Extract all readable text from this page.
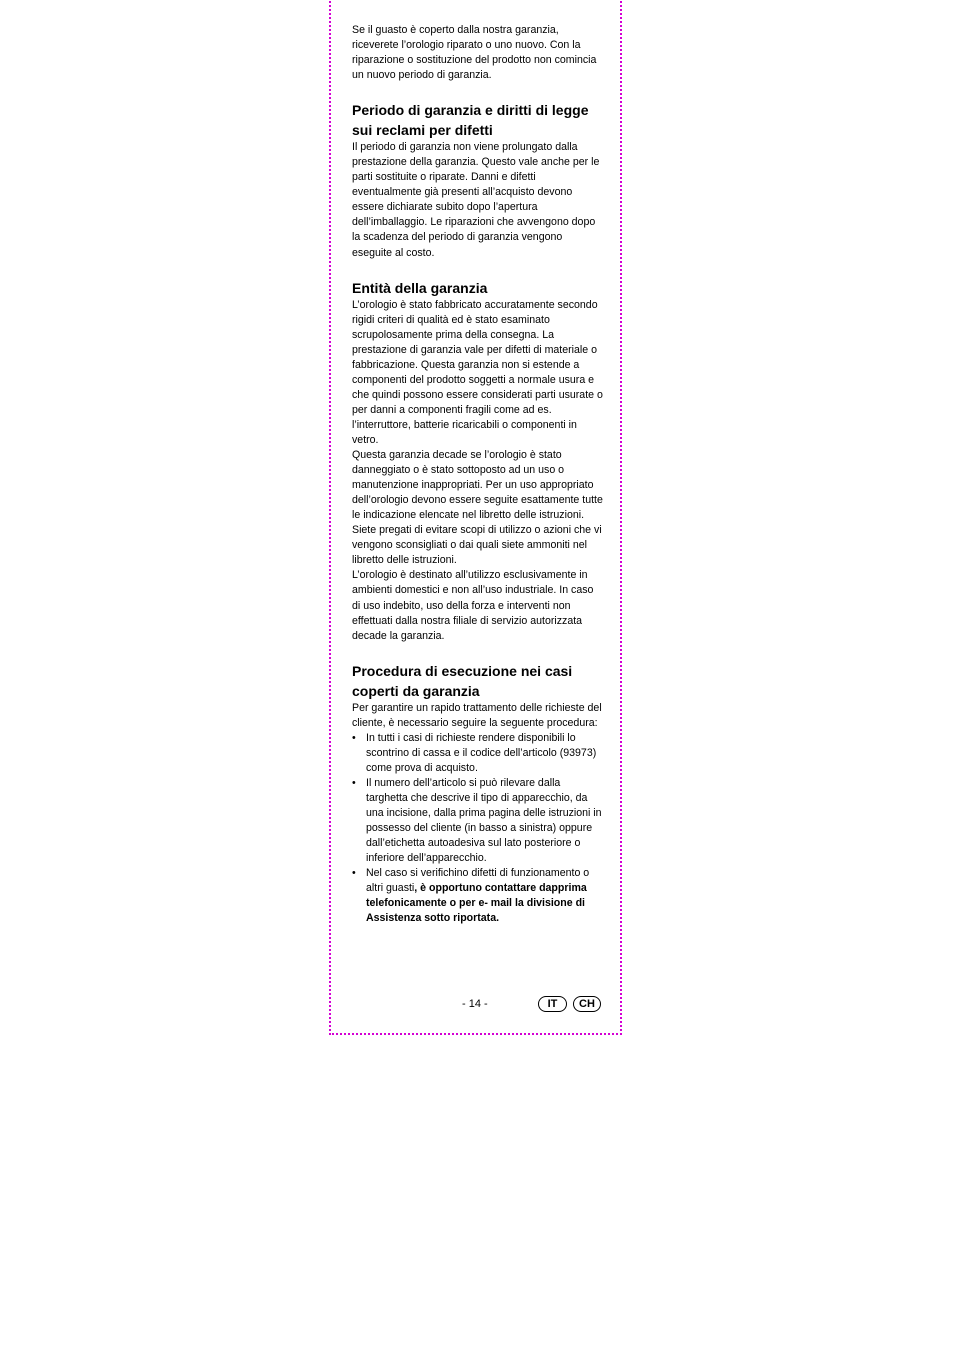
Se il guasto è coperto dalla nostra garanzia, riceverete l’orologio riparato o uno nuovo. Con la riparazione o sostituzione del prodotto non comincia un nuovo periodo di garanzia.

Periodo di garanzia e diritti di legge sui reclami per difetti

Il periodo di garanzia non viene prolungato dalla prestazione della garanzia. Questo vale anche per le parti sostituite o riparate. Danni e difetti eventualmente già presenti all’acquisto devono essere dichiarate subito dopo l’apertura dell’imballaggio. Le riparazioni che avvengono dopo la scadenza del periodo di garanzia vengono eseguite al costo.

Entità della garanzia

L’orologio è stato fabbricato accuratamente secondo rigidi criteri di qualità ed è stato esaminato scrupolosamente prima della consegna. La prestazione di garanzia vale per difetti di materiale o fabbricazione. Questa garanzia non si estende a componenti del prodotto soggetti a normale usura e che quindi possono essere considerati parti usurate o per danni a componenti fragili come ad es. l’interruttore, batterie ricaricabili o componenti in vetro.

Questa garanzia decade se l’orologio è stato danneggiato o è stato sottoposto ad un uso o manutenzione inappropriati. Per un uso appropriato dell’orologio devono essere seguite esattamente tutte le indicazione elencate nel libretto delle istruzioni. Siete pregati di evitare scopi di utilizzo o azioni che vi vengono sconsigliati o dai quali siete ammoniti nel libretto delle istruzioni.

L’orologio è destinato all’utilizzo esclusivamente in ambienti domestici e non all’uso industriale. In caso di uso indebito, uso della forza e interventi non effettuati dalla nostra filiale di servizio autorizzata decade la garanzia.

Procedura di esecuzione nei casi coperti da garanzia

Per garantire un rapido trattamento delle richieste del cliente, è necessario seguire la seguente procedura:

• In tutti i casi di richieste rendere disponibili lo scontrino di cassa e il codice dell’articolo (93973) come prova di acquisto.
• Il numero dell’articolo si può rilevare dalla targhetta che descrive il tipo di apparecchio, da una incisione, dalla prima pagina delle istruzioni in possesso del cliente (in basso a sinistra) oppure dall’etichetta autoadesiva sul lato posteriore o inferiore dell’apparecchio.
• Nel caso si verifichino difetti di funzionamento o altri guasti, è opportuno contattare dapprima telefonicamente o per e- mail la divisione di Assistenza sotto riportata.
- 14 -	IT	CH
